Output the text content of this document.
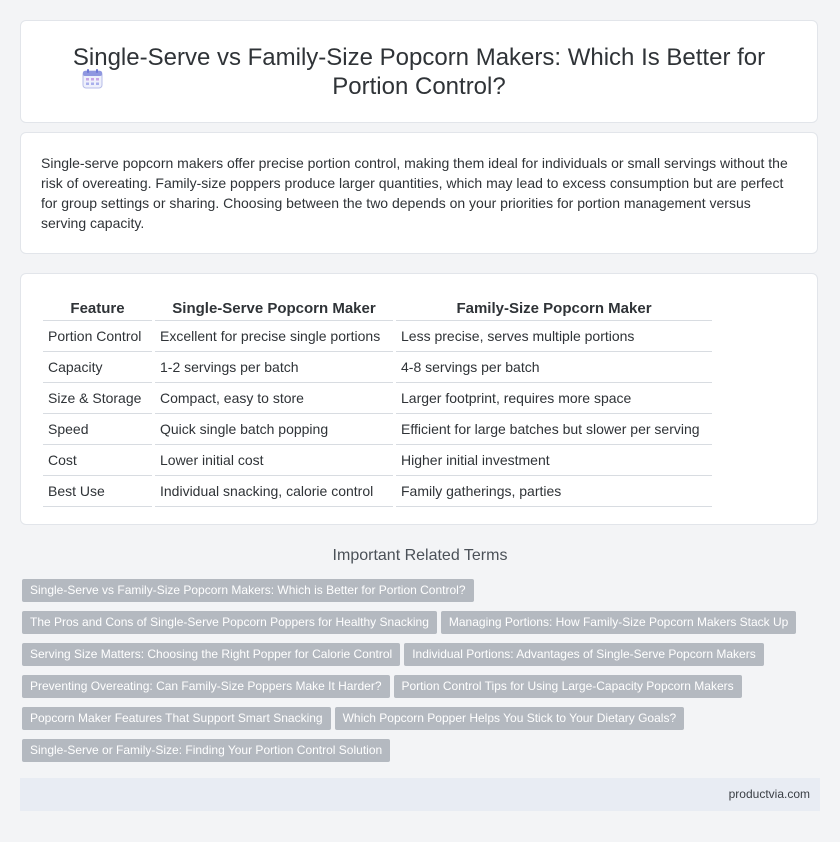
Single-Serve vs Family-Size Popcorn Makers: Which Is Better for Portion Control?

Single-serve popcorn makers offer precise portion control, making them ideal for individuals or small servings without the risk of overeating. Family-size poppers produce larger quantities, which may lead to excess consumption but are perfect for group settings or sharing. Choosing between the two depends on your priorities for portion management versus serving capacity.

Feature	Single-Serve Popcorn Maker	Family-Size Popcorn Maker
Portion Control	Excellent for precise single portions	Less precise, serves multiple portions
Capacity	1-2 servings per batch	4-8 servings per batch
Size & Storage	Compact, easy to store	Larger footprint, requires more space
Speed	Quick single batch popping	Efficient for large batches but slower per serving
Cost	Lower initial cost	Higher initial investment
Best Use	Individual snacking, calorie control	Family gatherings, parties
Important Related Terms
Single-Serve vs Family-Size Popcorn Makers: Which is Better for Portion Control?The Pros and Cons of Single-Serve Popcorn Poppers for Healthy Snacking Managing Portions: How Family-Size Popcorn Makers Stack UpServing Size Matters: Choosing the Right Popper for Calorie Control Individual Portions: Advantages of Single-Serve Popcorn MakersPreventing Overeating: Can Family-Size Poppers Make It Harder? Portion Control Tips for Using Large-Capacity Popcorn MakersPopcorn Maker Features That Support Smart Snacking Which Popcorn Popper Helps You Stick to Your Dietary Goals?Single-Serve or Family-Size: Finding Your Portion Control Solution
productvia.com
